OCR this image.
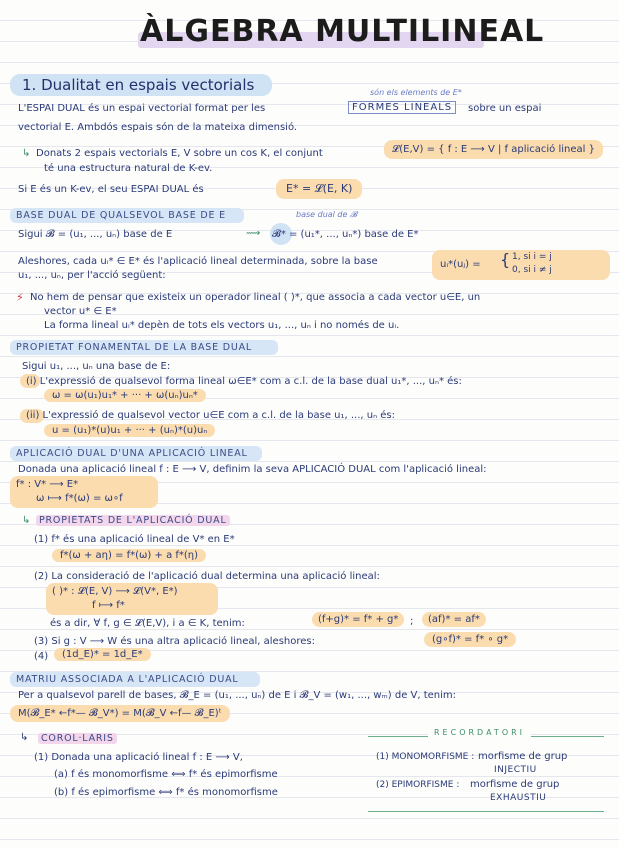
ÀLGEBRA MULTILINEAL
1. Dualitat en espais vectorials	són els elements de E*
L'ESPAI DUAL és un espai vectorial format per les	FORMES LINEALS	sobre un espai
vectorial E. Ambdós espais són de la mateixa dimensió.
↳ Donats 2 espais vectorials E, V sobre un cos K, el conjunt
té una estructura natural de K-ev.
𝓛(E,V) = { f : E ⟶ V | f aplicació lineal }
Si E és un K-ev, el seu ESPAI DUAL és	E* = 𝓛(E, K)
BASE DUAL DE QUALSEVOL BASE DE E	base dual de 𝓑
Sigui 𝓑 = (u₁, ..., uₙ) base de E	⟿ 𝓑* = (u₁*, ..., uₙ*) base de E*
Aleshores, cada uᵢ* ∈ E* és l'aplicació lineal determinada, sobre la base
u₁, ..., uₙ, per l'acció següent:
uᵢ*(uⱼ) = { 1, si i = j
0, si i ≠ j
⚡ No hem de pensar que existeix un operador lineal ( )*, que associa a cada vector u∈E, un
vector u* ∈ E*
La forma lineal uᵢ* depèn de tots els vectors u₁, ..., uₙ i no només de uᵢ.
PROPIETAT FONAMENTAL DE LA BASE DUAL
Sigui u₁, ..., uₙ una base de E:
(i) L'expressió de qualsevol forma lineal ω∈E* com a c.l. de la base dual u₁*, ..., uₙ* és:
ω = ω(u₁)u₁* + ··· + ω(uₙ)uₙ*
(ii) L'expressió de qualsevol vector u∈E com a c.l. de la base u₁, ..., uₙ és:
u = (u₁)*(u)u₁ + ··· + (uₙ)*(u)uₙ
APLICACIÓ DUAL D'UNA APLICACIÓ LINEAL
Donada una aplicació lineal f : E ⟶ V, definim la seva APLICACIÓ DUAL com l'aplicació lineal:
f* : V* ⟶ E*
ω ⟼ f*(ω) = ω∘f
↳ PROPIETATS DE L'APLICACIÓ DUAL
(1) f* és una aplicació lineal de V* en E*
f*(ω + aη) = f*(ω) + a f*(η)
(2) La consideració de l'aplicació dual determina una aplicació lineal:
( )* : 𝓛(E, V) ⟶ 𝓛(V*, E*)
f ⟼ f*
és a dir, ∀ f, g ∈ 𝓛(E,V), i a ∈ K, tenim:	(f+g)* = f* + g*	;	(af)* = af*
(3) Si g : V ⟶ W és una altra aplicació lineal, aleshores:	(g∘f)* = f* ∘ g*
(4)	(1d_E)* = 1d_E*
MATRIU ASSOCIADA A L'APLICACIÓ DUAL
Per a qualsevol parell de bases, 𝓑_E = (u₁, ..., uₙ) de E i 𝓑_V = (w₁, ..., wₘ) de V, tenim:
M(𝓑_E* ←f*— 𝓑_V*) = M(𝓑_V ←f— 𝓑_E)ᵗ
↳	COROL·LARIS
(1) Donada una aplicació lineal f : E ⟶ V,
(a) f és monomorfisme ⟺ f* és epimorfisme
(b) f és epimorfisme ⟺ f* és monomorfisme
RECORDATORI
(1) MONOMORFISME : morfisme de grup
INJECTIU
(2) EPIMORFISME : morfisme de grup
EXHAUSTIU
